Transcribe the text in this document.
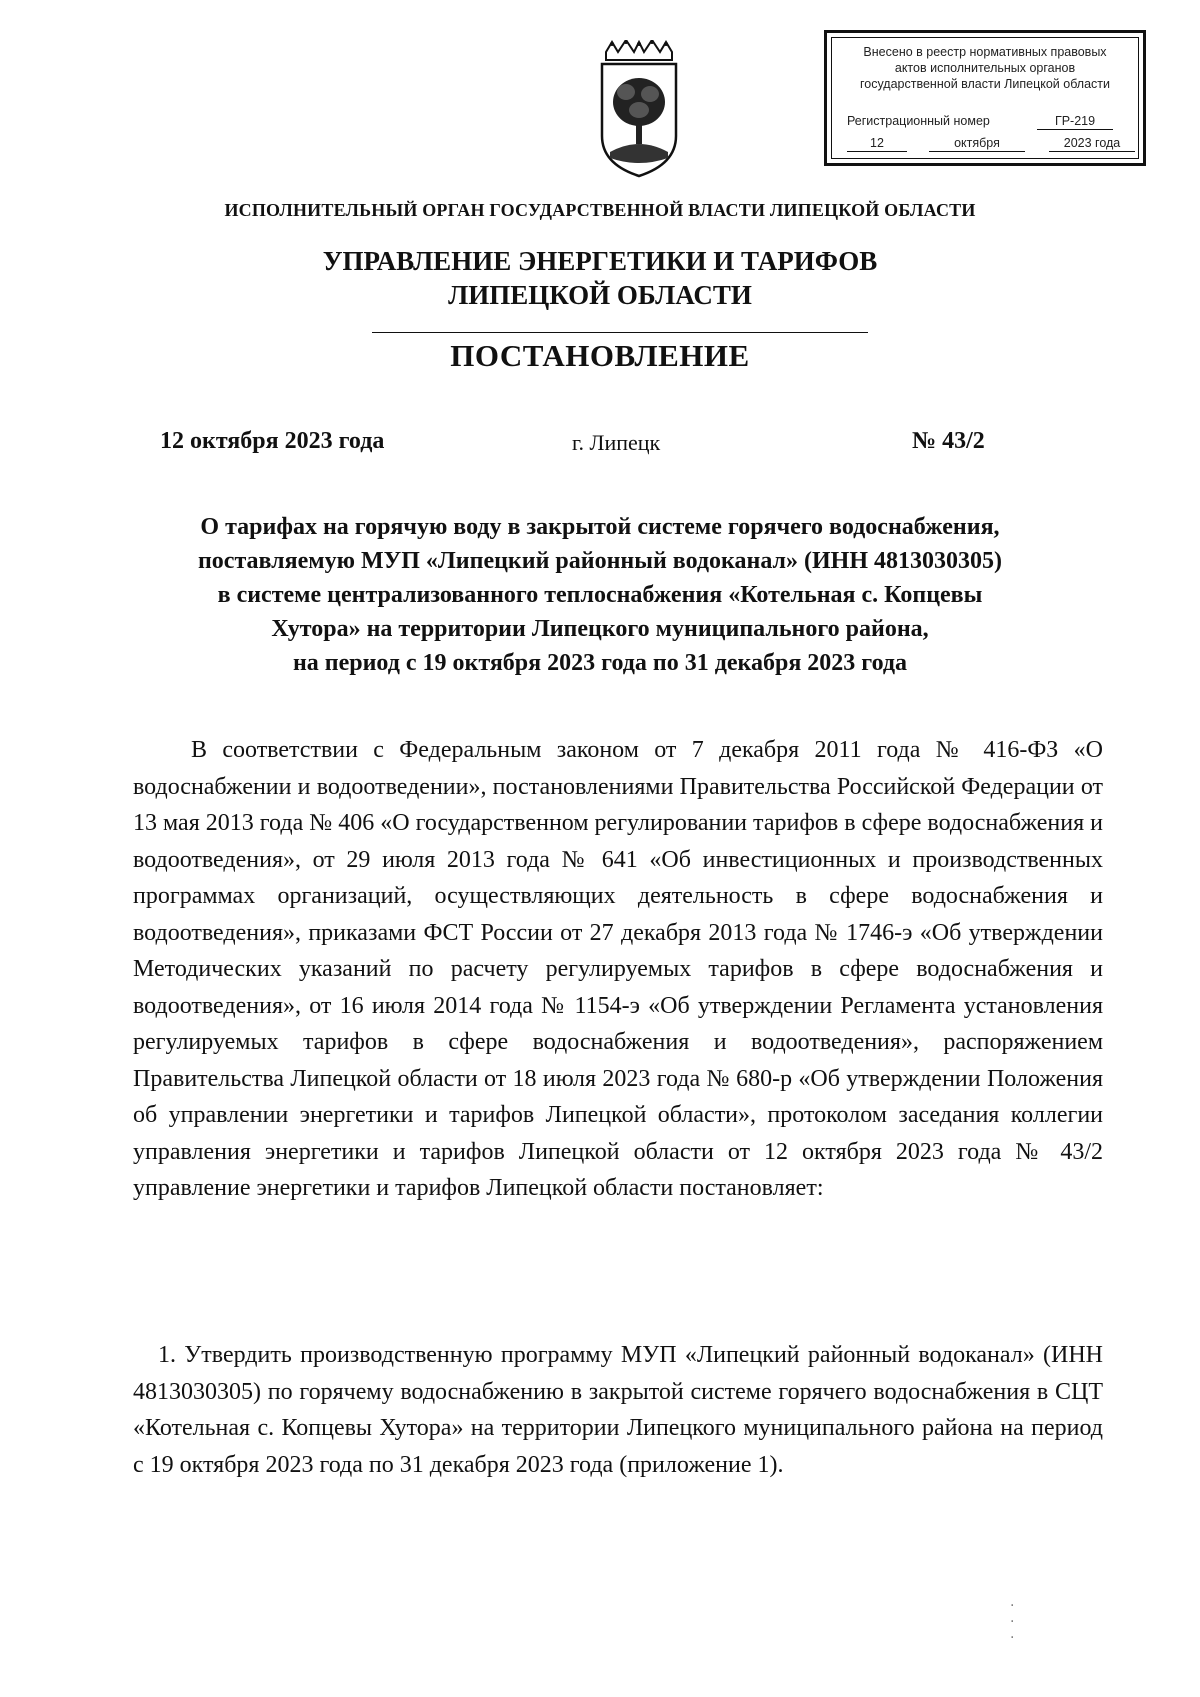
Внесено в реестр нормативных правовых
актов исполнительных органов
государственной власти Липецкой области
Регистрационный номер	ГР-219
12	октября	2023 года
ИСПОЛНИТЕЛЬНЫЙ ОРГАН ГОСУДАРСТВЕННОЙ ВЛАСТИ ЛИПЕЦКОЙ ОБЛАСТИ
УПРАВЛЕНИЕ ЭНЕРГЕТИКИ И ТАРИФОВ
ЛИПЕЦКОЙ ОБЛАСТИ
ПОСТАНОВЛЕНИЕ
12 октября 2023 года	г. Липецк	№ 43/2
О тарифах на горячую воду в закрытой системе горячего водоснабжения,
поставляемую МУП «Липецкий районный водоканал» (ИНН 4813030305)
в системе централизованного теплоснабжения «Котельная с. Копцевы
Хутора» на территории Липецкого муниципального района,
на период с 19 октября 2023 года по 31 декабря 2023 года
В соответствии с Федеральным законом от 7 декабря 2011 года № 416-ФЗ «О водоснабжении и водоотведении», постановлениями Правительства Российской Федерации от 13 мая 2013 года № 406 «О государственном регулировании тарифов в сфере водоснабжения и водоотведения», от 29 июля 2013 года № 641 «Об инвестиционных и производственных программах организаций, осуществляющих деятельность в сфере водоснабжения и водоотведения», приказами ФСТ России от 27 декабря 2013 года № 1746-э «Об утверждении Методических указаний по расчету регулируемых тарифов в сфере водоснабжения и водоотведения», от 16 июля 2014 года № 1154-э «Об утверждении Регламента установления регулируемых тарифов в сфере водоснабжения и водоотведения», распоряжением Правительства Липецкой области от 18 июля 2023 года № 680-р «Об утверждении Положения об управлении энергетики и тарифов Липецкой области», протоколом заседания коллегии управления энергетики и тарифов Липецкой области от 12 октября 2023 года № 43/2 управление энергетики и тарифов Липецкой области постановляет:
1. Утвердить производственную программу МУП «Липецкий районный водоканал» (ИНН 4813030305) по горячему водоснабжению в закрытой системе горячего водоснабжения в СЦТ «Котельная с. Копцевы Хутора» на территории Липецкого муниципального района на период с 19 октября 2023 года по 31 декабря 2023 года (приложение 1).
·
·
·
